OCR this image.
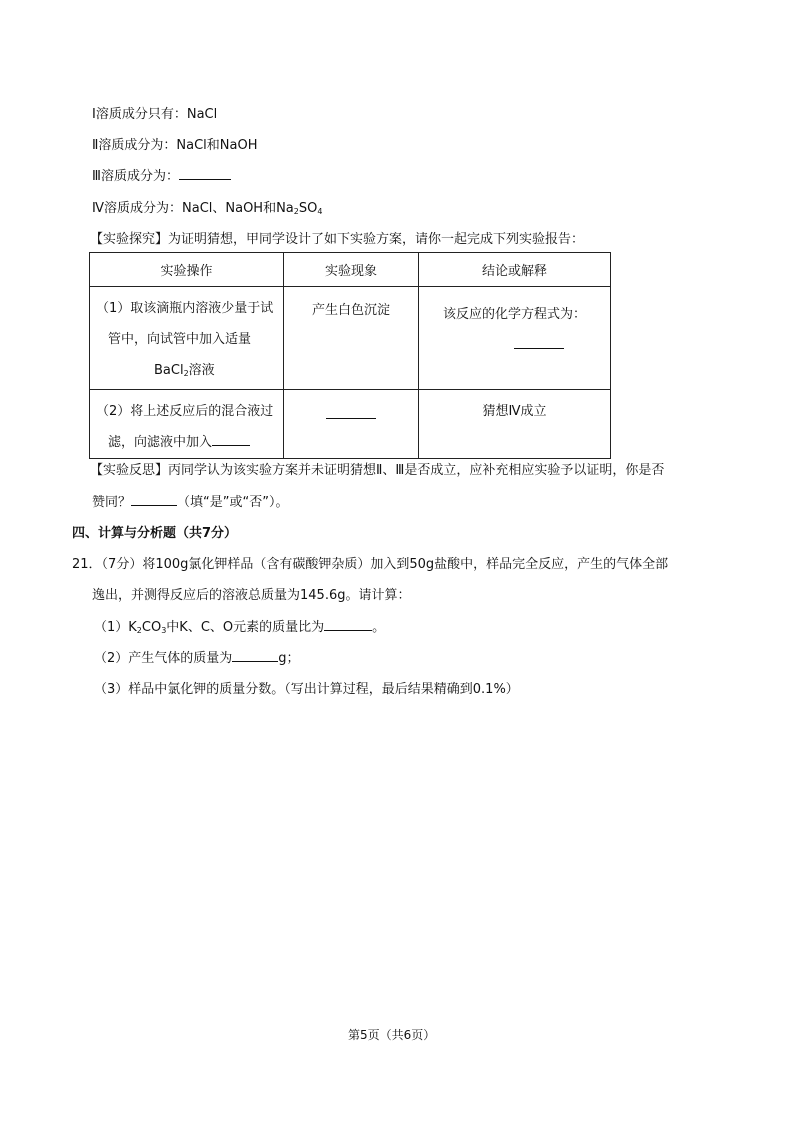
Ⅰ溶质成分只有：NaCl
Ⅱ溶质成分为：NaCl和NaOH
Ⅲ溶质成分为：
Ⅳ溶质成分为：NaCl、NaOH和$Na_2SO_4$
【实验探究】为证明猜想，甲同学设计了如下实验方案，请你一起完成下列实验报告：
实验操作	实验现象	结论或解释

（1）取该滴瓶内溶液少量于试
管中，向试管中加入适量
BaCl$_2$溶液	产生白色沉淀	该反应的化学方程式为：

（2）将上述反应后的混合液过
滤，向滤液中加入		猜想Ⅳ成立
【实验反思】丙同学认为该实验方案并未证明猜想Ⅱ、Ⅲ是否成立，应补充相应实验予以证明，你是否
赞同？	（填“是”或“否”）。
四、计算与分析题（共7分）
21．（7分）将100g氯化钾样品（含有碳酸钾杂质）加入到50g盐酸中，样品完全反应，产生的气体全部
逸出，并测得反应后的溶液总质量为145.6g。请计算：
$(1)K_2CO_3$中K、C、O元素的质量比为	。
（2）产生气体的质量为	g；
（3）样品中氯化钾的质量分数。（写出计算过程，最后结果精确到0.1%）
第5页（共6页）
